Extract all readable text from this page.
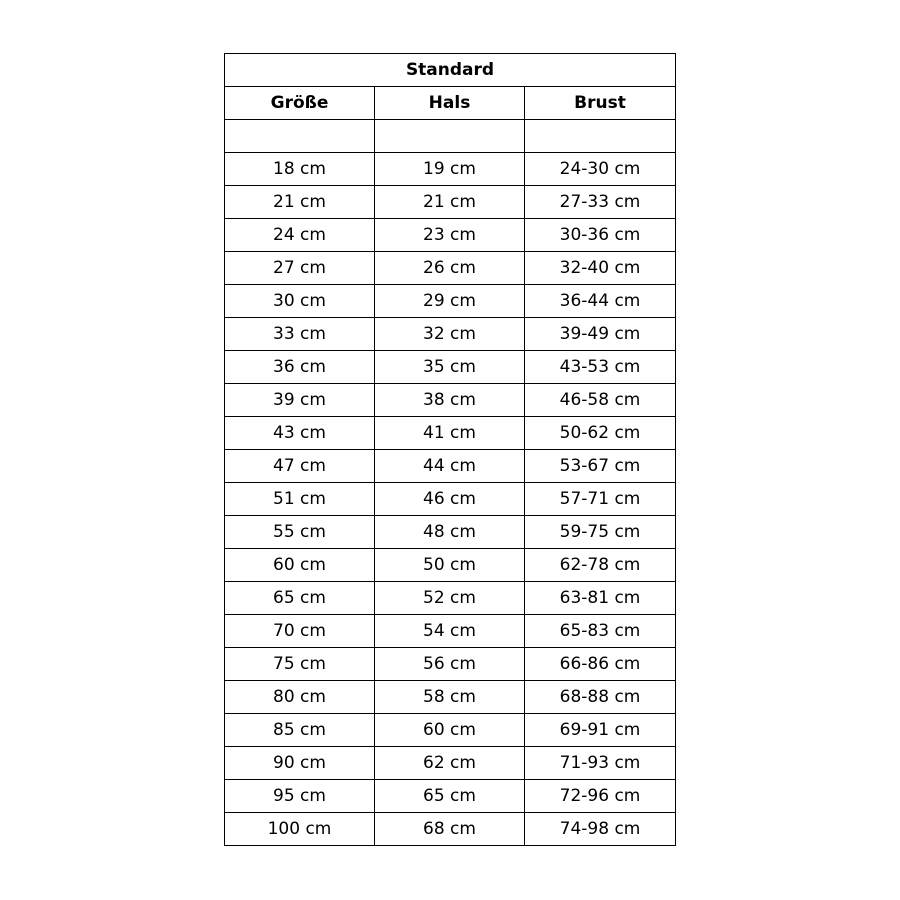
Standard		
Größe	Hals	Brust

18 cm	19 cm	24-30 cm
21 cm	21 cm	27-33 cm
24 cm	23 cm	30-36 cm
27 cm	26 cm	32-40 cm
30 cm	29 cm	36-44 cm
33 cm	32 cm	39-49 cm
36 cm	35 cm	43-53 cm
39 cm	38 cm	46-58 cm
43 cm	41 cm	50-62 cm
47 cm	44 cm	53-67 cm
51 cm	46 cm	57-71 cm
55 cm	48 cm	59-75 cm
60 cm	50 cm	62-78 cm
65 cm	52 cm	63-81 cm
70 cm	54 cm	65-83 cm
75 cm	56 cm	66-86 cm
80 cm	58 cm	68-88 cm
85 cm	60 cm	69-91 cm
90 cm	62 cm	71-93 cm
95 cm	65 cm	72-96 cm
100 cm	68 cm	74-98 cm
